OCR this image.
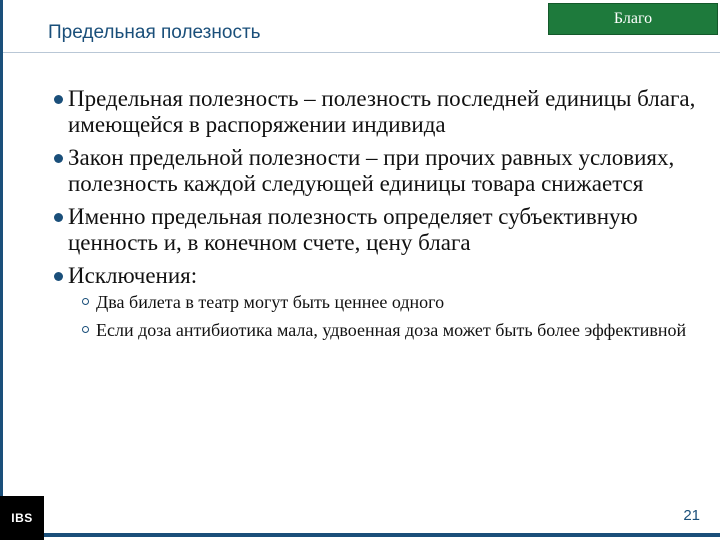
Предельная полезность
Благо
Предельная полезность – полезность последней единицы блага, имеющейся в распоряжении индивида
Закон предельной полезности – при прочих равных условиях, полезность каждой следующей единицы товара снижается
Именно предельная полезность определяет субъективную ценность и, в конечном счете, цену блага
Исключения:
Два билета в театр могут быть ценнее одного
Если доза антибиотика мала, удвоенная доза может быть более эффективной
IBS	21
